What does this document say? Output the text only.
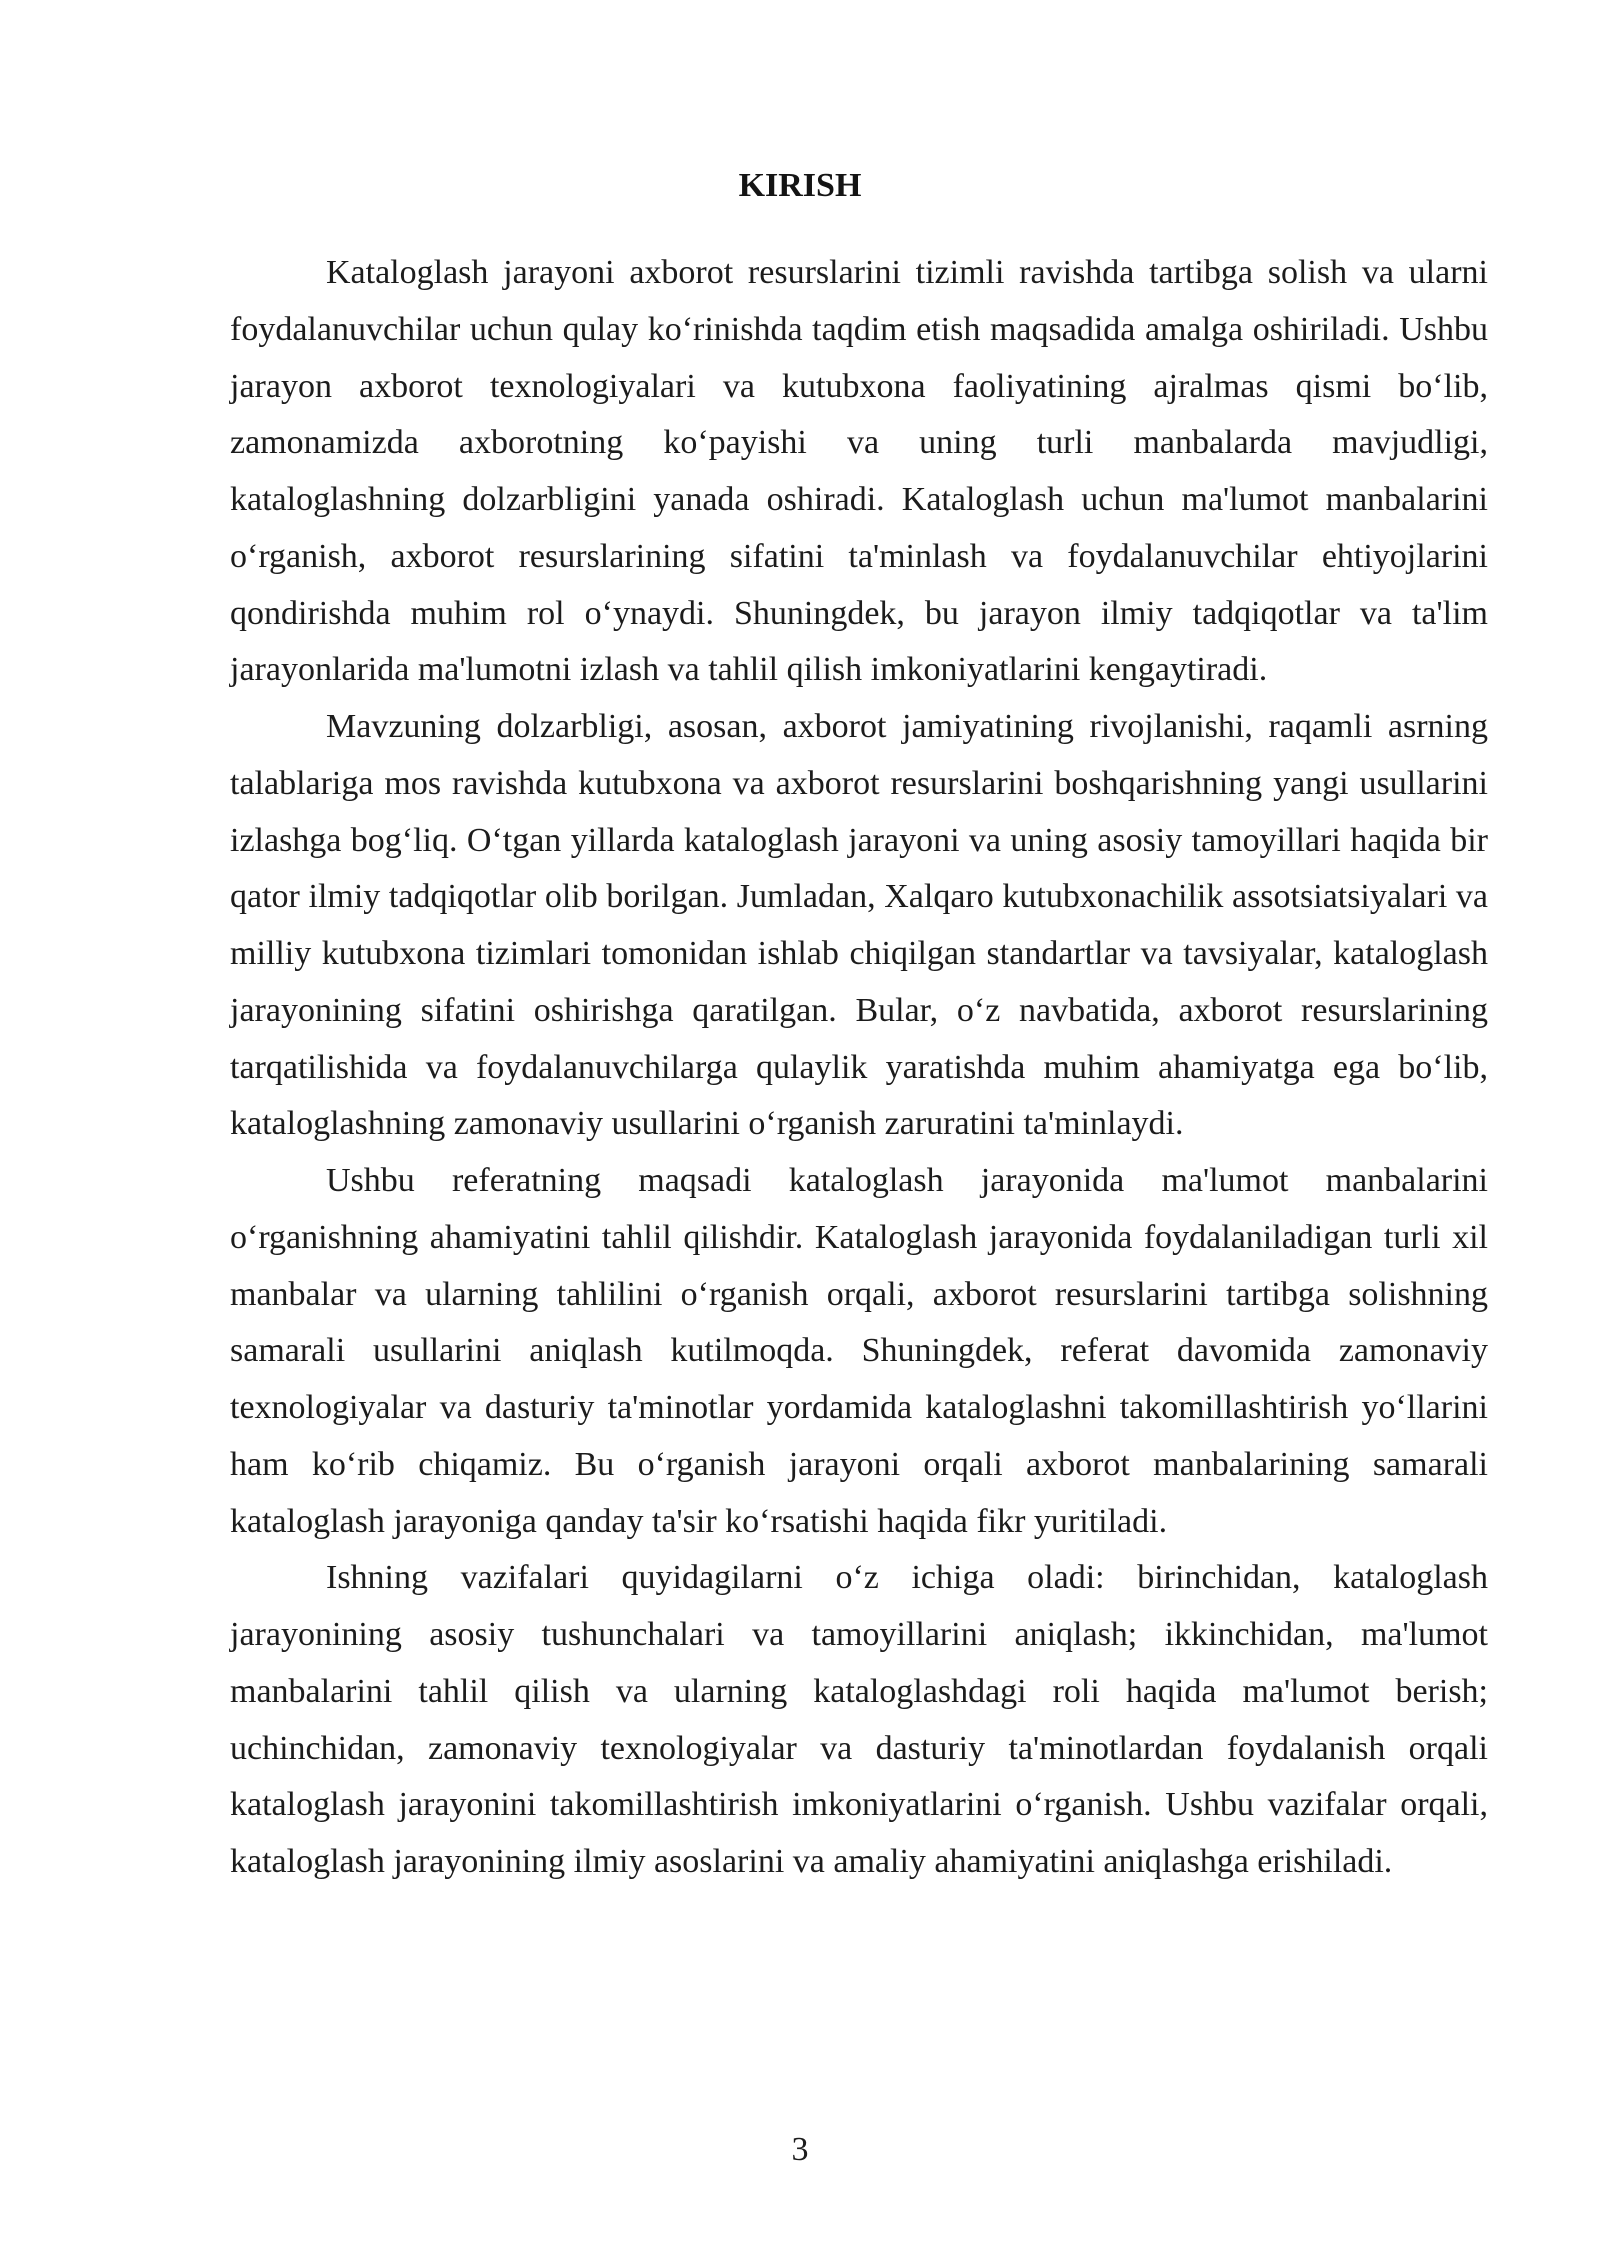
KIRISH

Kataloglash jarayoni axborot resurslarini tizimli ravishda tartibga solish va ularni foydalanuvchilar uchun qulay ko‘rinishda taqdim etish maqsadida amalga oshiriladi. Ushbu jarayon axborot texnologiyalari va kutubxona faoliyatining ajralmas qismi bo‘lib, zamonamizda axborotning ko‘payishi va uning turli manbalarda mavjudligi, kataloglashning dolzarbligini yanada oshiradi. Kataloglash uchun ma'lumot manbalarini o‘rganish, axborot resurslarining sifatini ta'minlash va foydalanuvchilar ehtiyojlarini qondirishda muhim rol o‘ynaydi. Shuningdek, bu jarayon ilmiy tadqiqotlar va ta'lim jarayonlarida ma'lumotni izlash va tahlil qilish imkoniyatlarini kengaytiradi.

Mavzuning dolzarbligi, asosan, axborot jamiyatining rivojlanishi, raqamli asrning talablariga mos ravishda kutubxona va axborot resurslarini boshqarishning yangi usullarini izlashga bog‘liq. O‘tgan yillarda kataloglash jarayoni va uning asosiy tamoyillari haqida bir qator ilmiy tadqiqotlar olib borilgan. Jumladan, Xalqaro kutubxonachilik assotsiatsiyalari va milliy kutubxona tizimlari tomonidan ishlab chiqilgan standartlar va tavsiyalar, kataloglash jarayonining sifatini oshirishga qaratilgan. Bular, o‘z navbatida, axborot resurslarining tarqatilishida va foydalanuvchilarga qulaylik yaratishda muhim ahamiyatga ega bo‘lib, kataloglashning zamonaviy usullarini o‘rganish zaruratini ta'minlaydi.

Ushbu referatning maqsadi kataloglash jarayonida ma'lumot manbalarini o‘rganishning ahamiyatini tahlil qilishdir. Kataloglash jarayonida foydalaniladigan turli xil manbalar va ularning tahlilini o‘rganish orqali, axborot resurslarini tartibga solishning samarali usullarini aniqlash kutilmoqda. Shuningdek, referat davomida zamonaviy texnologiyalar va dasturiy ta'minotlar yordamida kataloglashni takomillashtirish yo‘llarini ham ko‘rib chiqamiz. Bu o‘rganish jarayoni orqali axborot manbalarining samarali kataloglash jarayoniga qanday ta'sir ko‘rsatishi haqida fikr yuritiladi.

Ishning vazifalari quyidagilarni o‘z ichiga oladi: birinchidan, kataloglash jarayonining asosiy tushunchalari va tamoyillarini aniqlash; ikkinchidan, ma'lumot manbalarini tahlil qilish va ularning kataloglashdagi roli haqida ma'lumot berish; uchinchidan, zamonaviy texnologiyalar va dasturiy ta'minotlardan foydalanish orqali kataloglash jarayonini takomillashtirish imkoniyatlarini o‘rganish. Ushbu vazifalar orqali, kataloglash jarayonining ilmiy asoslarini va amaliy ahamiyatini aniqlashga erishiladi.

3
